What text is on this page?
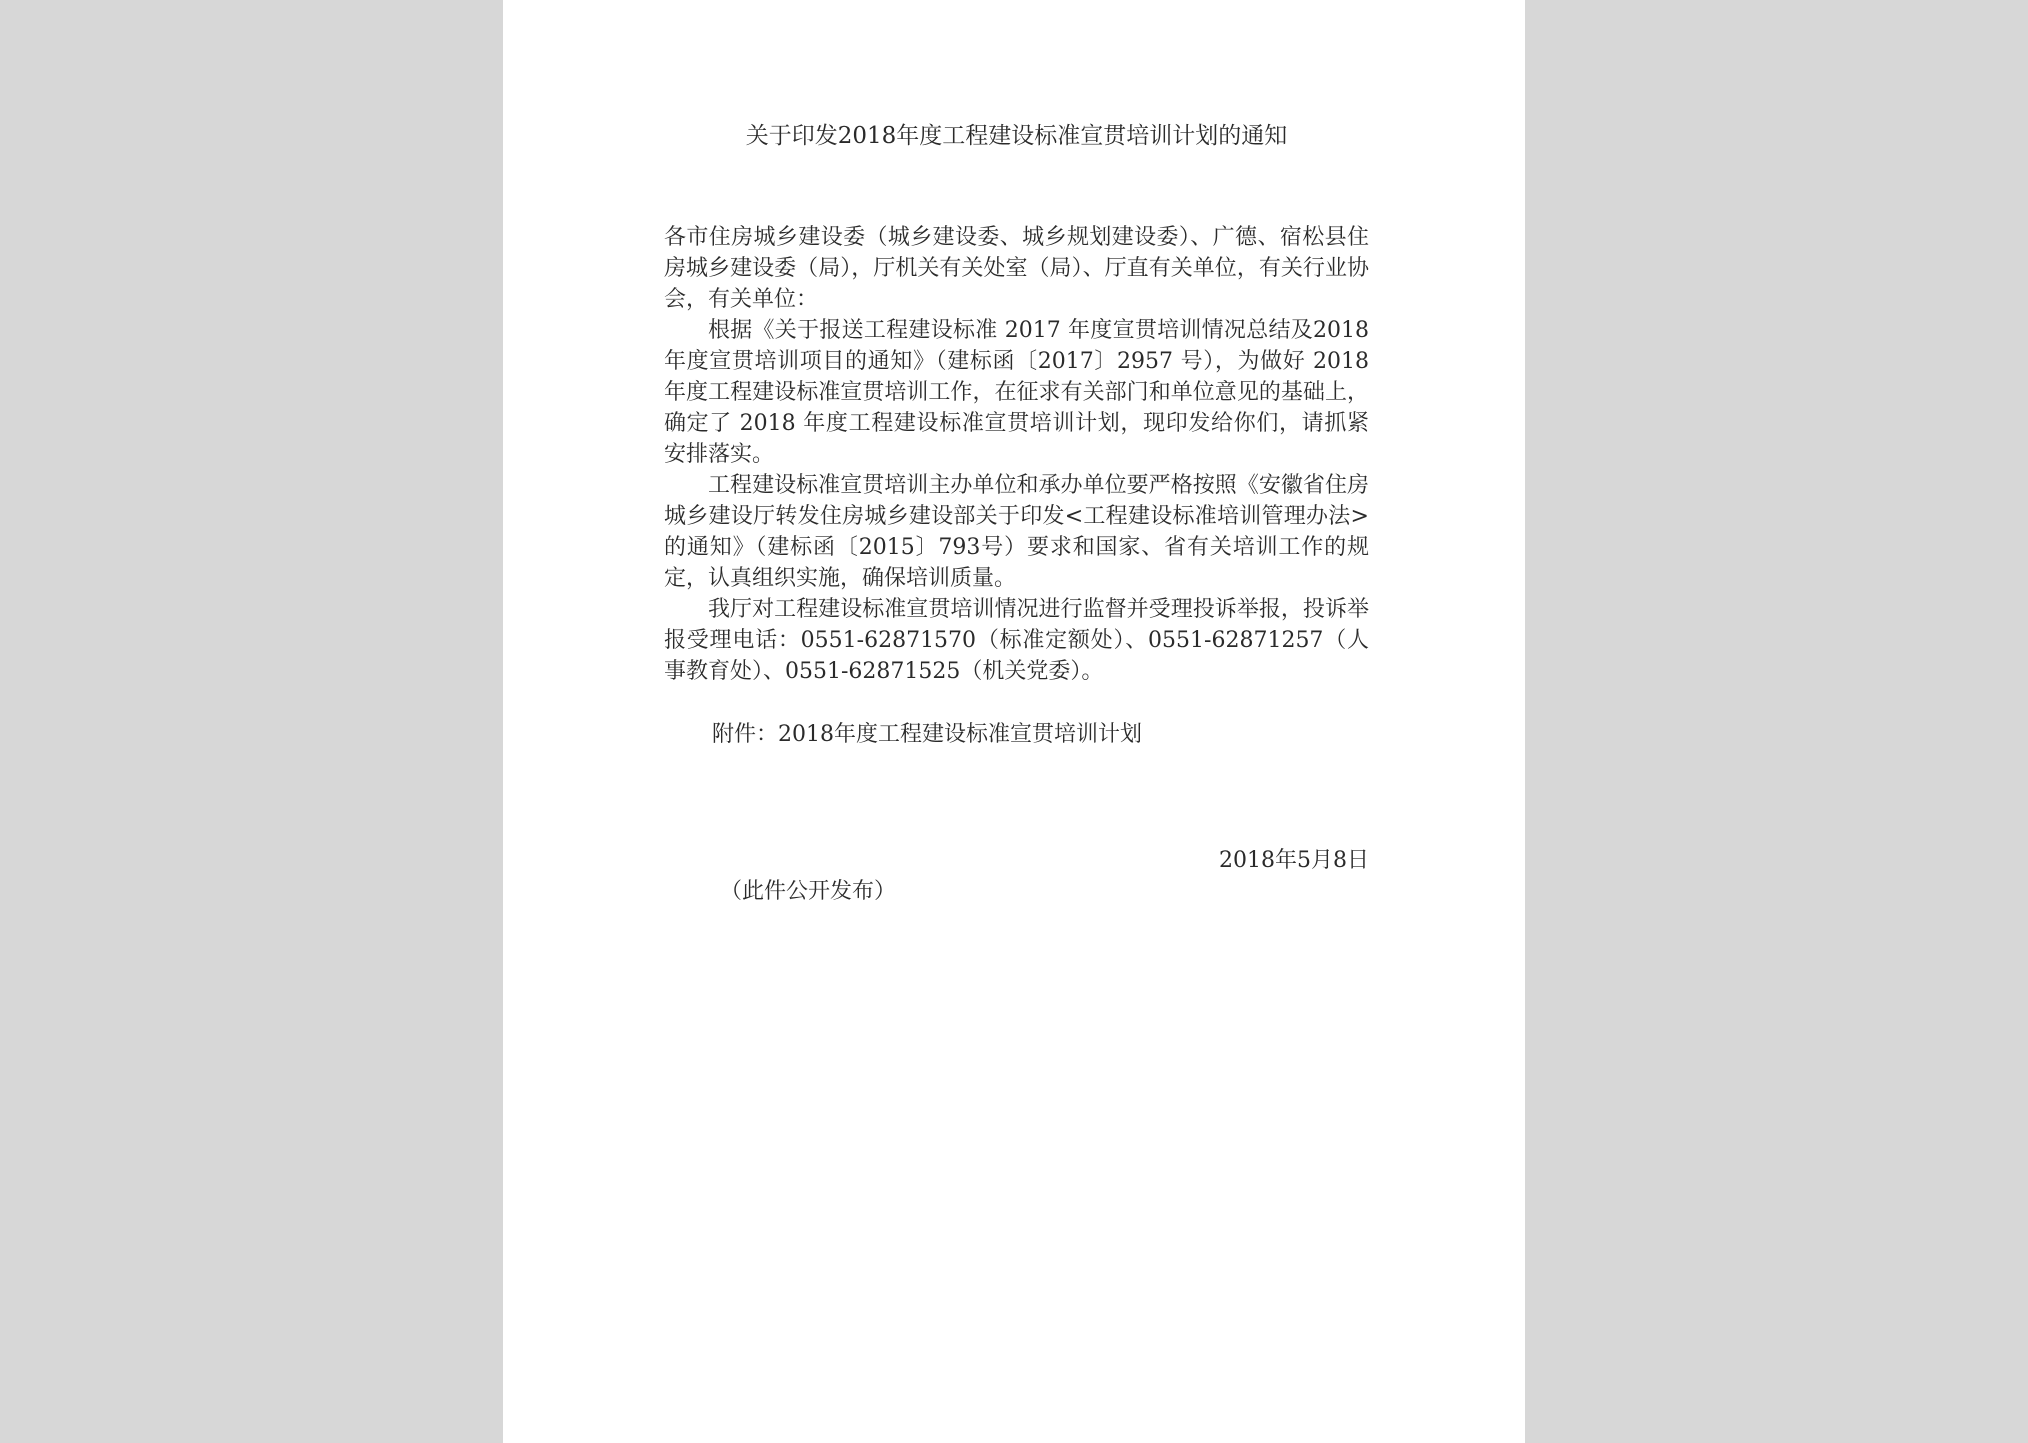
关于印发2018年度工程建设标准宣贯培训计划的通知

各市住房城乡建设委（城乡建设委、城乡规划建设委）、广德、宿松县住房城乡建设委（局），厅机关有关处室（局）、厅直有关单位，有关行业协会，有关单位：

根据《关于报送工程建设标准 2017 年度宣贯培训情况总结及2018 年度宣贯培训项目的通知》（建标函〔2017〕2957 号），为做好 2018 年度工程建设标准宣贯培训工作，在征求有关部门和单位意见的基础上，确定了 2018 年度工程建设标准宣贯培训计划，现印发给你们，请抓紧安排落实。

工程建设标准宣贯培训主办单位和承办单位要严格按照《安徽省住房城乡建设厅转发住房城乡建设部关于印发<工程建设标准培训管理办法>的通知》（建标函〔2015〕793号）要求和国家、省有关培训工作的规定，认真组织实施，确保培训质量。

我厅对工程建设标准宣贯培训情况进行监督并受理投诉举报，投诉举报受理电话：0551-62871570（标准定额处）、0551-62871257（人事教育处）、0551-62871525（机关党委）。

附件：2018年度工程建设标准宣贯培训计划
2018年5月8日
（此件公开发布）
